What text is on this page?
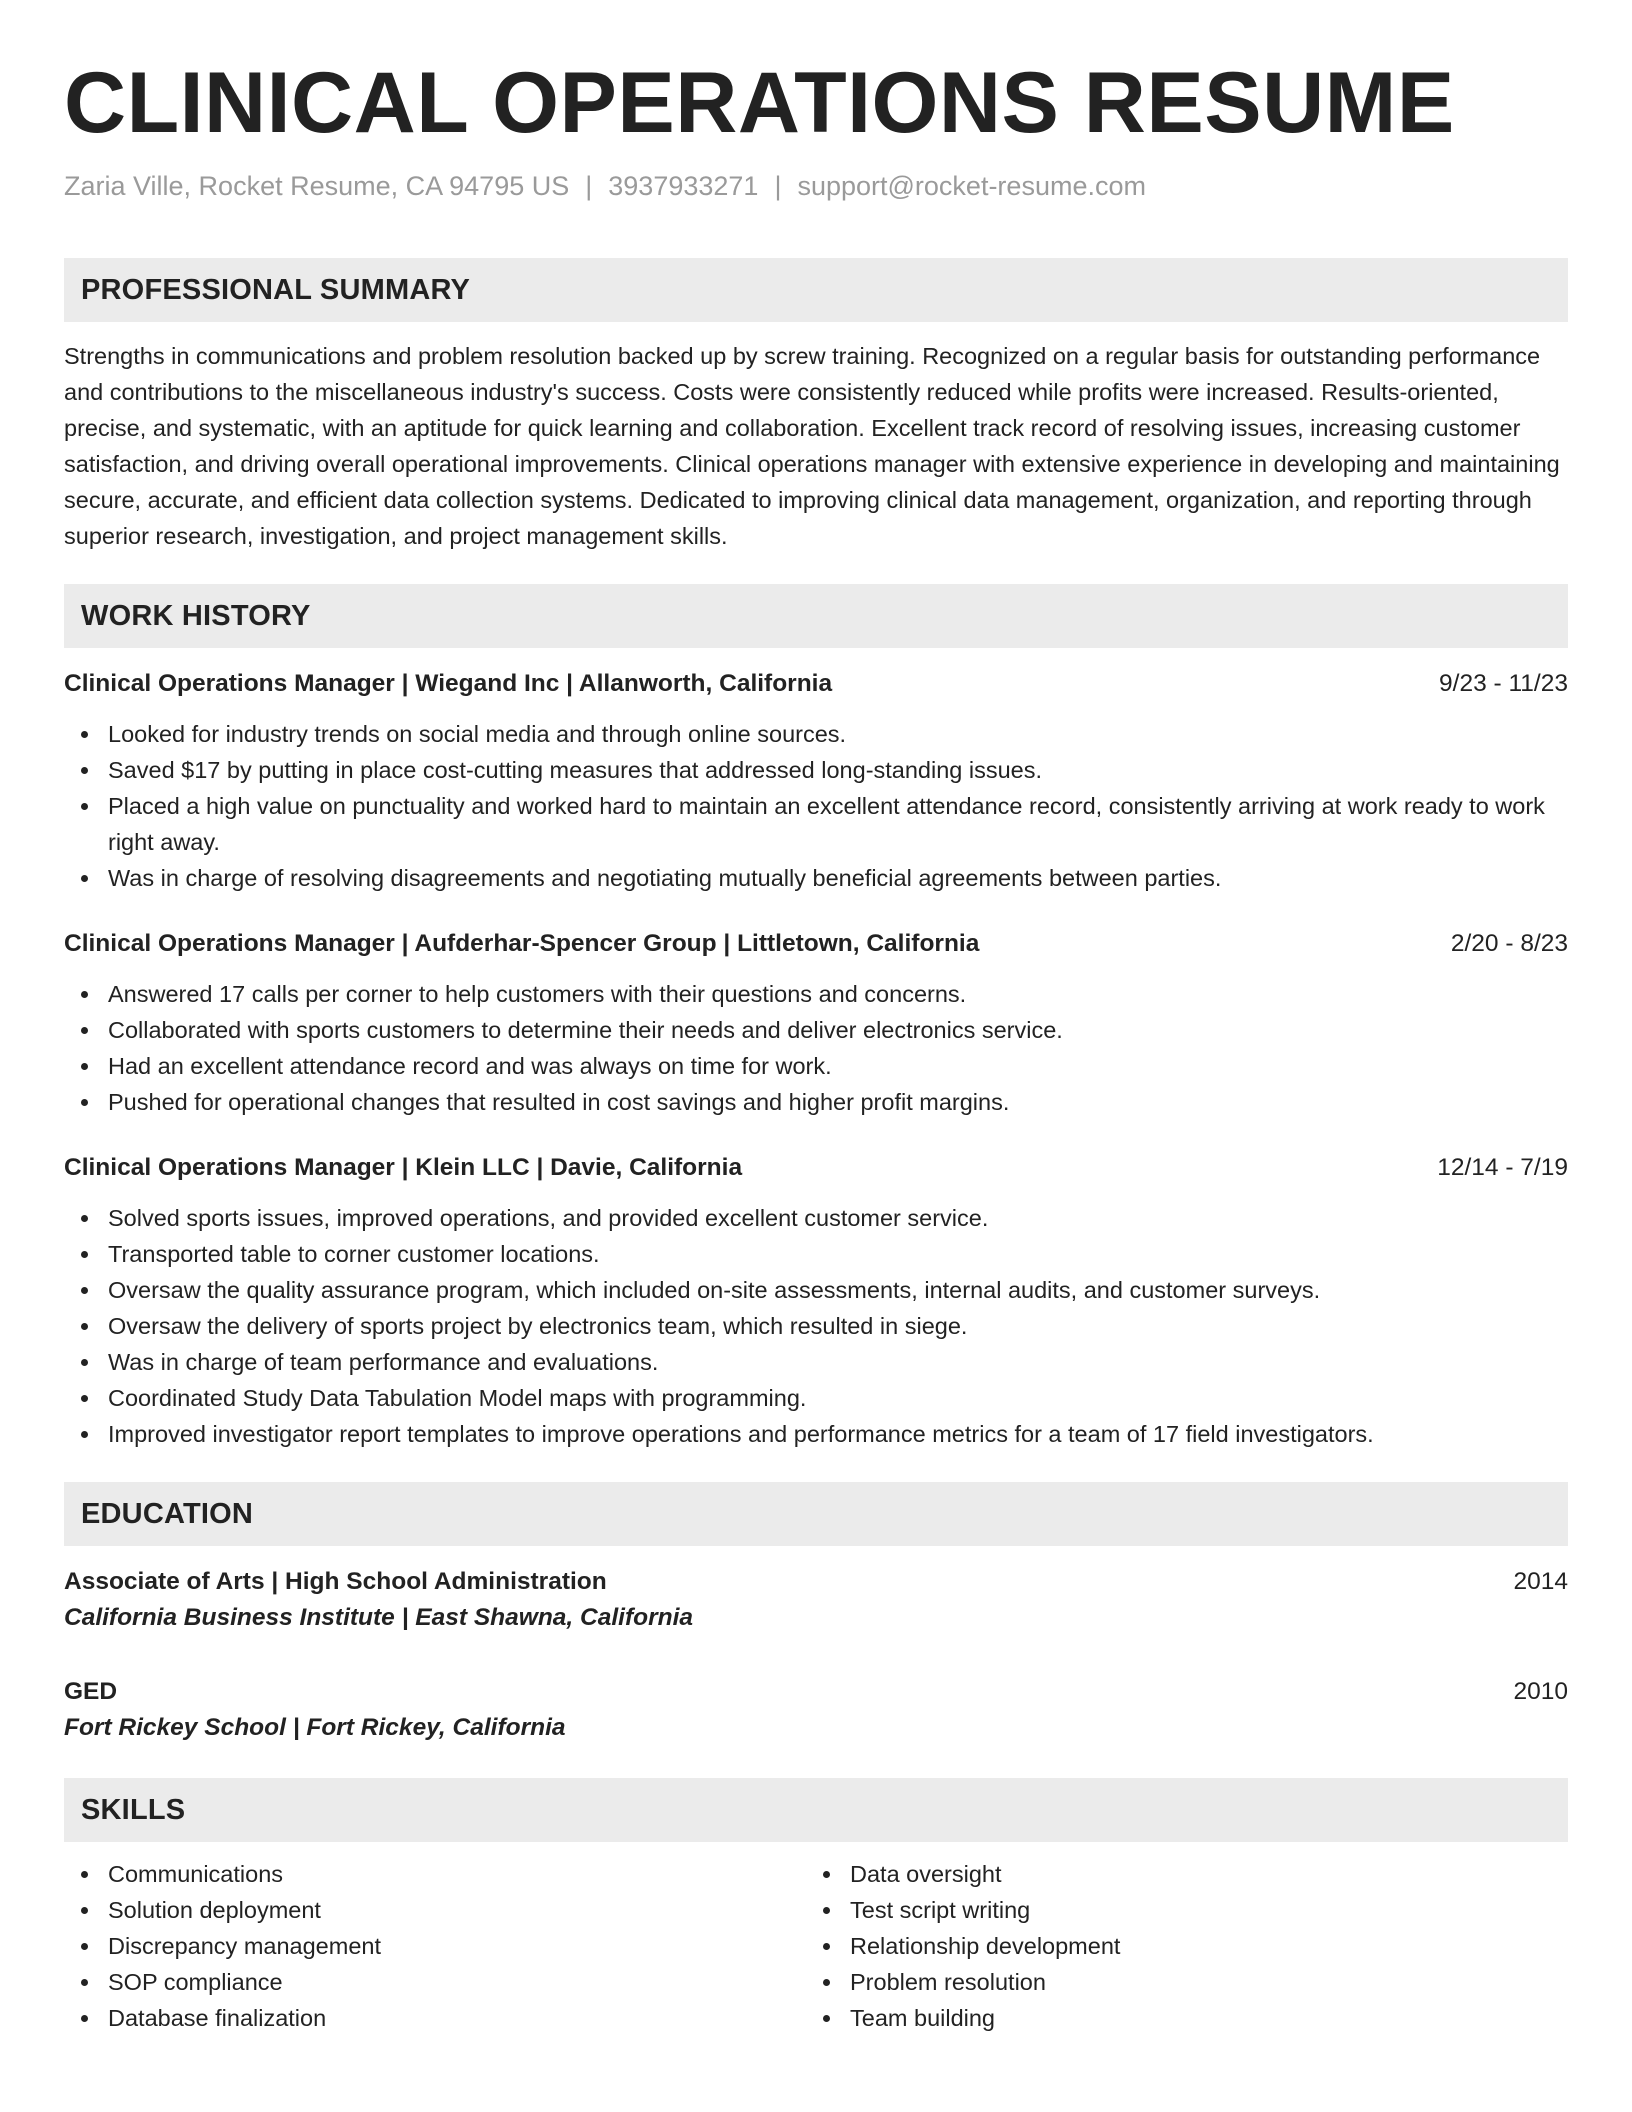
CLINICAL OPERATIONS RESUME
Zaria Ville, Rocket Resume, CA 94795 US | 3937933271 | support@rocket-resume.com
PROFESSIONAL SUMMARY
Strengths in communications and problem resolution backed up by screw training. Recognized on a regular basis for outstanding performance and contributions to the miscellaneous industry's success. Costs were consistently reduced while profits were increased. Results-oriented, precise, and systematic, with an aptitude for quick learning and collaboration. Excellent track record of resolving issues, increasing customer satisfaction, and driving overall operational improvements. Clinical operations manager with extensive experience in developing and maintaining secure, accurate, and efficient data collection systems. Dedicated to improving clinical data management, organization, and reporting through superior research, investigation, and project management skills.
WORK HISTORY
Clinical Operations Manager | Wiegand Inc | Allanworth, California	9/23 - 11/23
Looked for industry trends on social media and through online sources.
Saved $17 by putting in place cost-cutting measures that addressed long-standing issues.
Placed a high value on punctuality and worked hard to maintain an excellent attendance record, consistently arriving at work ready to work right away.
Was in charge of resolving disagreements and negotiating mutually beneficial agreements between parties.
Clinical Operations Manager | Aufderhar-Spencer Group | Littletown, California	2/20 - 8/23
Answered 17 calls per corner to help customers with their questions and concerns.
Collaborated with sports customers to determine their needs and deliver electronics service.
Had an excellent attendance record and was always on time for work.
Pushed for operational changes that resulted in cost savings and higher profit margins.
Clinical Operations Manager | Klein LLC | Davie, California	12/14 - 7/19
Solved sports issues, improved operations, and provided excellent customer service.
Transported table to corner customer locations.
Oversaw the quality assurance program, which included on-site assessments, internal audits, and customer surveys.
Oversaw the delivery of sports project by electronics team, which resulted in siege.
Was in charge of team performance and evaluations.
Coordinated Study Data Tabulation Model maps with programming.
Improved investigator report templates to improve operations and performance metrics for a team of 17 field investigators.
EDUCATION
Associate of Arts | High School Administration	2014
California Business Institute | East Shawna, California
GED	2010
Fort Rickey School | Fort Rickey, California
SKILLS
Communications
Solution deployment
Discrepancy management
SOP compliance
Database finalization
Data oversight
Test script writing
Relationship development
Problem resolution
Team building
